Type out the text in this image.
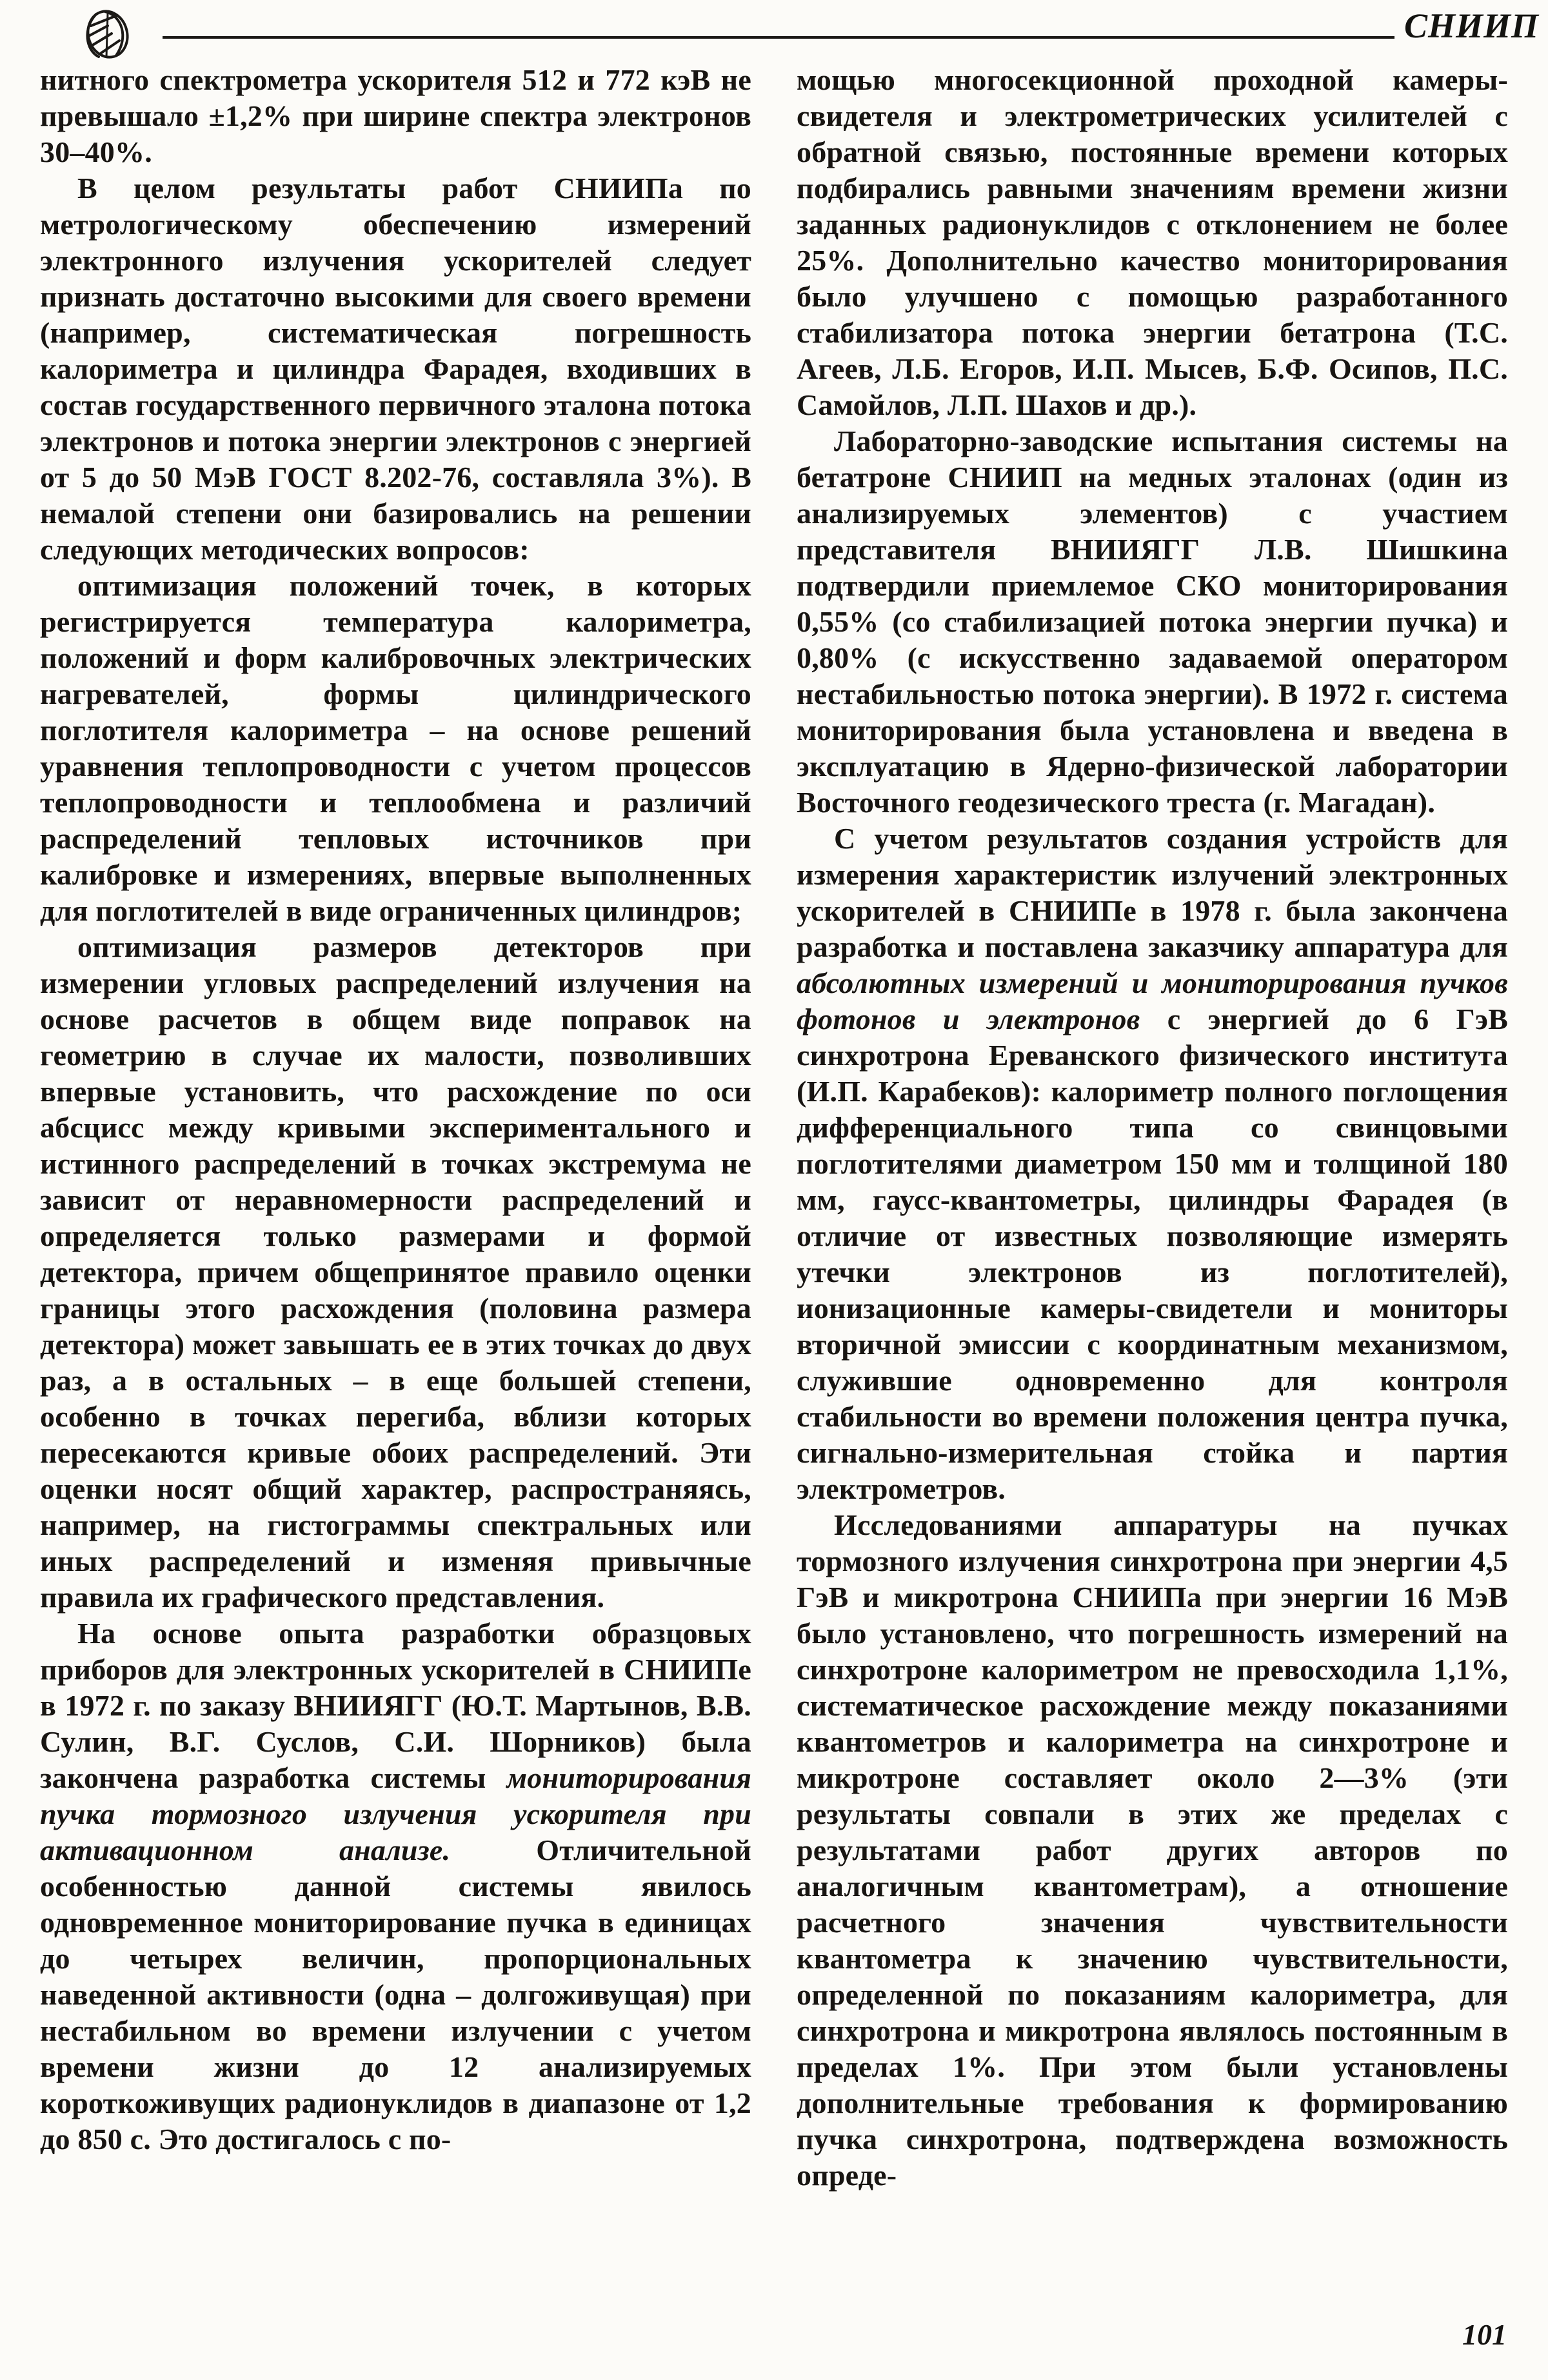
СНИИП

нитного спектрометра ускорителя 512 и 772 кэВ не превышало ±1,2% при ширине спектра электронов 30–40%.

В целом результаты работ СНИИПа по метрологическому обеспечению измерений электронного излучения ускорителей следует признать достаточно высокими для своего времени (например, систематическая погрешность калориметра и цилиндра Фарадея, входивших в состав государственного первичного эталона потока электронов и потока энергии электронов с энергией от 5 до 50 МэВ ГОСТ 8.202-76, составляла 3%). В немалой степени они базировались на решении следующих методических вопросов:

оптимизация положений точек, в которых регистрируется температура калориметра, положений и форм калибровочных электрических нагревателей, формы цилиндрического поглотителя калориметра – на основе решений уравнения теплопроводности с учетом процессов теплопроводности и теплообмена и различий распределений тепловых источников при калибровке и измерениях, впервые выполненных для поглотителей в виде ограниченных цилиндров;

оптимизация размеров детекторов при измерении угловых распределений излучения на основе расчетов в общем виде поправок на геометрию в случае их малости, позволивших впервые установить, что расхождение по оси абсцисс между кривыми экспериментального и истинного распределений в точках экстремума не зависит от неравномерности распределений и определяется только размерами и формой детектора, причем общепринятое правило оценки границы этого расхождения (половина размера детектора) может завышать ее в этих точках до двух раз, а в остальных – в еще большей степени, особенно в точках перегиба, вблизи которых пересекаются кривые обоих распределений. Эти оценки носят общий характер, распространяясь, например, на гистограммы спектральных или иных распределений и изменяя привычные правила их графического представления.

На основе опыта разработки образцовых приборов для электронных ускорителей в СНИИПе в 1972 г. по заказу ВНИИЯГГ (Ю.Т. Мартынов, В.В. Сулин, В.Г. Суслов, С.И. Шорников) была закончена разработка системы мониторирования пучка тормозного излучения ускорителя при активационном анализе. Отличительной особенностью данной системы явилось одновременное мониторирование пучка в единицах до четырех величин, пропорциональных наведенной активности (одна – долгоживущая) при нестабильном во времени излучении с учетом времени жизни до 12 анализируемых короткоживущих радионуклидов в диапазоне от 1,2 до 850 с. Это достигалось с по-

мощью многосекционной проходной камеры-свидетеля и электрометрических усилителей с обратной связью, постоянные времени которых подбирались равными значениям времени жизни заданных радионуклидов с отклонением не более 25%. Дополнительно качество мониторирования было улучшено с помощью разработанного стабилизатора потока энергии бетатрона (Т.С. Агеев, Л.Б. Егоров, И.П. Мысев, Б.Ф. Осипов, П.С. Самойлов, Л.П. Шахов и др.).

Лабораторно-заводские испытания системы на бетатроне СНИИП на медных эталонах (один из анализируемых элементов) с участием представителя ВНИИЯГГ Л.В. Шишкина подтвердили приемлемое СКО мониторирования 0,55% (со стабилизацией потока энергии пучка) и 0,80% (с искусственно задаваемой оператором нестабильностью потока энергии). В 1972 г. система мониторирования была установлена и введена в эксплуатацию в Ядерно-физической лаборатории Восточного геодезического треста (г. Магадан).

С учетом результатов создания устройств для измерения характеристик излучений электронных ускорителей в СНИИПе в 1978 г. была закончена разработка и поставлена заказчику аппаратура для абсолютных измерений и мониторирования пучков фотонов и электронов с энергией до 6 ГэВ синхротрона Ереванского физического института (И.П. Карабеков): калориметр полного поглощения дифференциального типа со свинцовыми поглотителями диаметром 150 мм и толщиной 180 мм, гаусс-квантометры, цилиндры Фарадея (в отличие от известных позволяющие измерять утечки электронов из поглотителей), ионизационные камеры-свидетели и мониторы вторичной эмиссии с координатным механизмом, служившие одновременно для контроля стабильности во времени положения центра пучка, сигнально-измерительная стойка и партия электрометров.

Исследованиями аппаратуры на пучках тормозного излучения синхротрона при энергии 4,5 ГэВ и микротрона СНИИПа при энергии 16 МэВ было установлено, что погрешность измерений на синхротроне калориметром не превосходила 1,1%, систематическое расхождение между показаниями квантометров и калориметра на синхротроне и микротроне составляет около 2—3% (эти результаты совпали в этих же пределах с результатами работ других авторов по аналогичным квантометрам), а отношение расчетного значения чувствительности квантометра к значению чувствительности, определенной по показаниям калориметра, для синхротрона и микротрона являлось постоянным в пределах 1%. При этом были установлены дополнительные требования к формированию пучка синхротрона, подтверждена возможность опреде-

101
